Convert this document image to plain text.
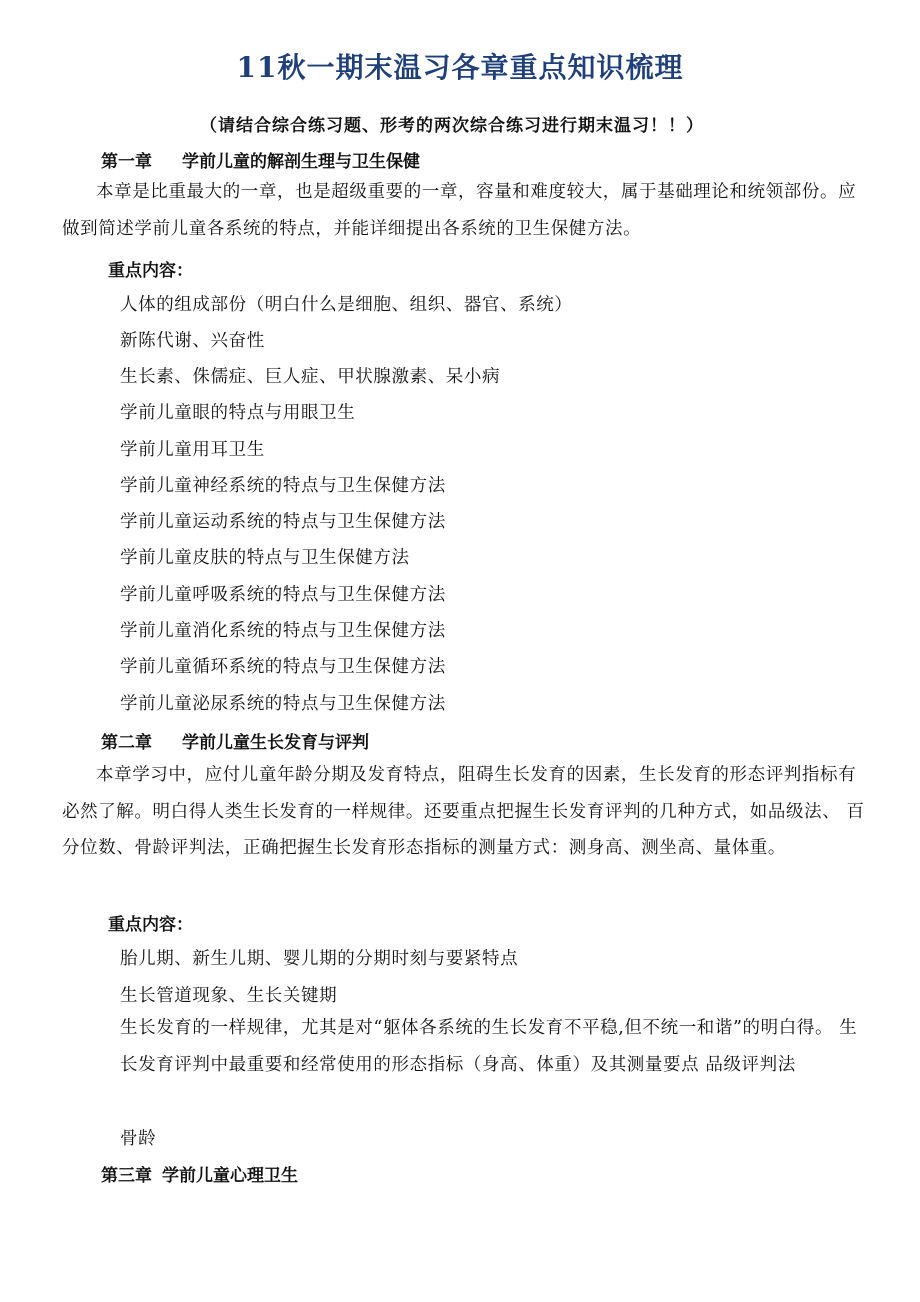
11秋一期末温习各章重点知识梳理
（请结合综合练习题、形考的两次综合练习进行期末温习！！）
第一章 学前儿童的解剖生理与卫生保健
本章是比重最大的一章，也是超级重要的一章，容量和难度较大，属于基础理论和统领部份。应做到简述学前儿童各系统的特点，并能详细提出各系统的卫生保健方法。
重点内容：
人体的组成部份（明白什么是细胞、组织、器官、系统）
新陈代谢、兴奋性
生长素、侏儒症、巨人症、甲状腺激素、呆小病
学前儿童眼的特点与用眼卫生
学前儿童用耳卫生
学前儿童神经系统的特点与卫生保健方法
学前儿童运动系统的特点与卫生保健方法
学前儿童皮肤的特点与卫生保健方法
学前儿童呼吸系统的特点与卫生保健方法
学前儿童消化系统的特点与卫生保健方法
学前儿童循环系统的特点与卫生保健方法
学前儿童泌尿系统的特点与卫生保健方法
第二章 学前儿童生长发育与评判
本章学习中，应付儿童年龄分期及发育特点，阻碍生长发育的因素，生长发育的形态评判指标有必然了解。明白得人类生长发育的一样规律。还要重点把握生长发育评判的几种方式，如品级法、 百分位数、骨龄评判法，正确把握生长发育形态指标的测量方式：测身高、测坐高、量体重。
重点内容：
胎儿期、新生儿期、婴儿期的分期时刻与要紧特点
生长管道现象、生长关键期
生长发育的一样规律，尤其是对“躯体各系统的生长发育不平稳,但不统一和谐”的明白得。 生长发育评判中最重要和经常使用的形态指标（身高、体重）及其测量要点 品级评判法
骨龄
第三章 学前儿童心理卫生
